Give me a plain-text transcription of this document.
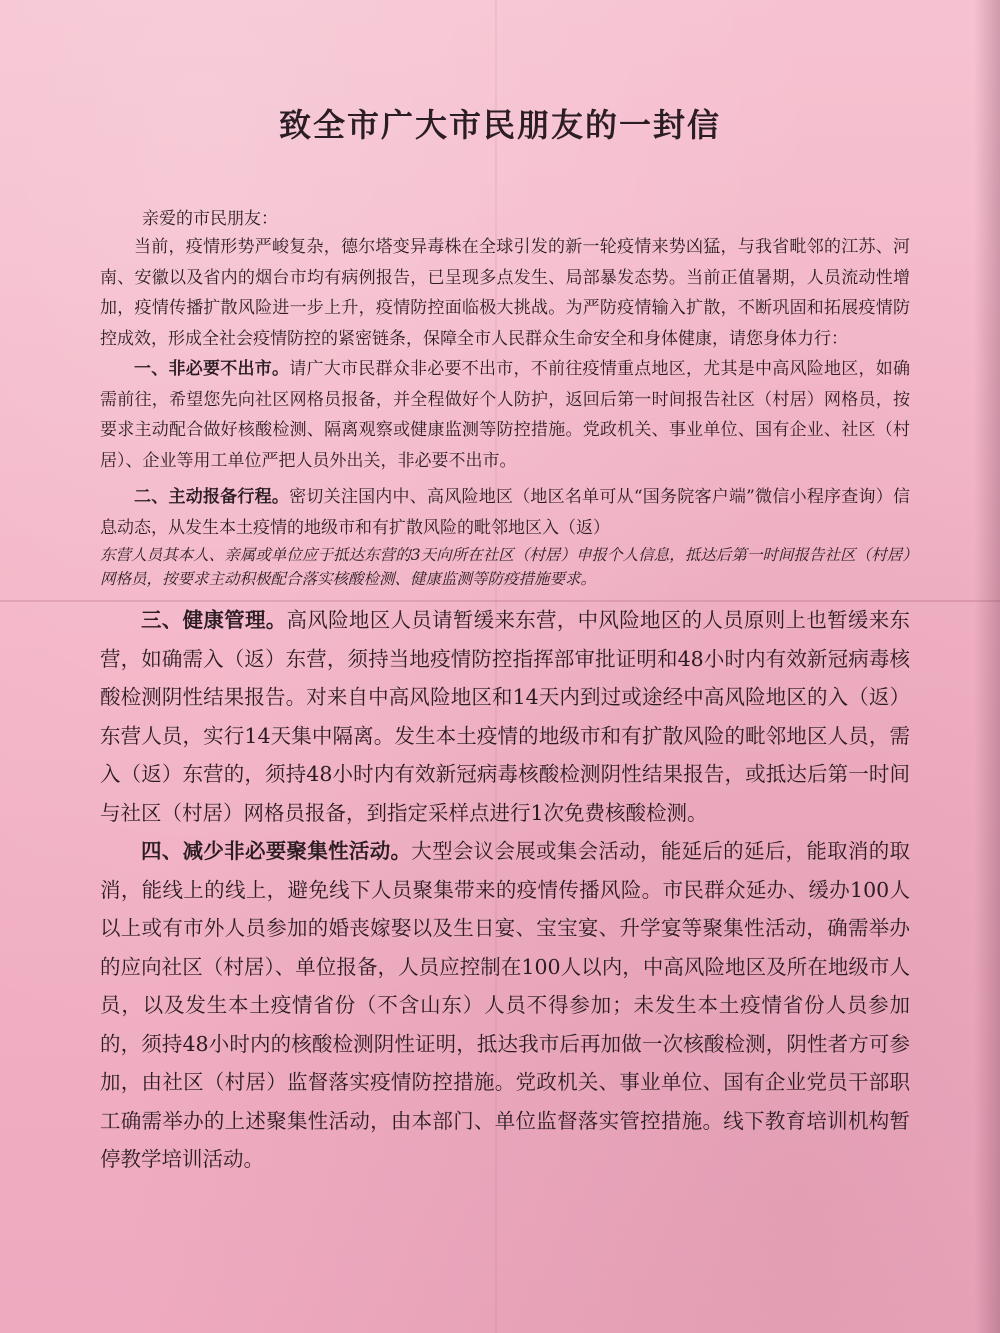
致全市广大市民朋友的一封信
亲爱的市民朋友：

当前，疫情形势严峻复杂，德尔塔变异毒株在全球引发的新一轮疫情来势凶猛，与我省毗邻的江苏、河南、安徽以及省内的烟台市均有病例报告，已呈现多点发生、局部暴发态势。当前正值暑期，人员流动性增加，疫情传播扩散风险进一步上升，疫情防控面临极大挑战。为严防疫情输入扩散，不断巩固和拓展疫情防控成效，形成全社会疫情防控的紧密链条，保障全市人民群众生命安全和身体健康，请您身体力行：

一、非必要不出市。请广大市民群众非必要不出市，不前往疫情重点地区，尤其是中高风险地区，如确需前往，希望您先向社区网格员报备，并全程做好个人防护，返回后第一时间报告社区（村居）网格员，按要求主动配合做好核酸检测、隔离观察或健康监测等防控措施。党政机关、事业单位、国有企业、社区（村居）、企业等用工单位严把人员外出关，非必要不出市。

二、主动报备行程。密切关注国内中、高风险地区（地区名单可从“国务院客户端”微信小程序查询）信息动态，从发生本土疫情的地级市和有扩散风险的毗邻地区入（返）

东营人员其本人、亲属或单位应于抵达东营的3天向所在社区（村居）申报个人信息，抵达后第一时间报告社区（村居）网格员，按要求主动积极配合落实核酸检测、健康监测等防疫措施要求。

三、健康管理。高风险地区人员请暂缓来东营，中风险地区的人员原则上也暂缓来东营，如确需入（返）东营，须持当地疫情防控指挥部审批证明和48小时内有效新冠病毒核酸检测阴性结果报告。对来自中高风险地区和14天内到过或途经中高风险地区的入（返）东营人员，实行14天集中隔离。发生本土疫情的地级市和有扩散风险的毗邻地区人员，需入（返）东营的，须持48小时内有效新冠病毒核酸检测阴性结果报告，或抵达后第一时间与社区（村居）网格员报备，到指定采样点进行1次免费核酸检测。

四、减少非必要聚集性活动。大型会议会展或集会活动，能延后的延后，能取消的取消，能线上的线上，避免线下人员聚集带来的疫情传播风险。市民群众延办、缓办100人以上或有市外人员参加的婚丧嫁娶以及生日宴、宝宝宴、升学宴等聚集性活动，确需举办的应向社区（村居）、单位报备，人员应控制在100人以内，中高风险地区及所在地级市人员，以及发生本土疫情省份（不含山东）人员不得参加；未发生本土疫情省份人员参加的，须持48小时内的核酸检测阴性证明，抵达我市后再加做一次核酸检测，阴性者方可参加，由社区（村居）监督落实疫情防控措施。党政机关、事业单位、国有企业党员干部职工确需举办的上述聚集性活动，由本部门、单位监督落实管控措施。线下教育培训机构暂停教学培训活动。
